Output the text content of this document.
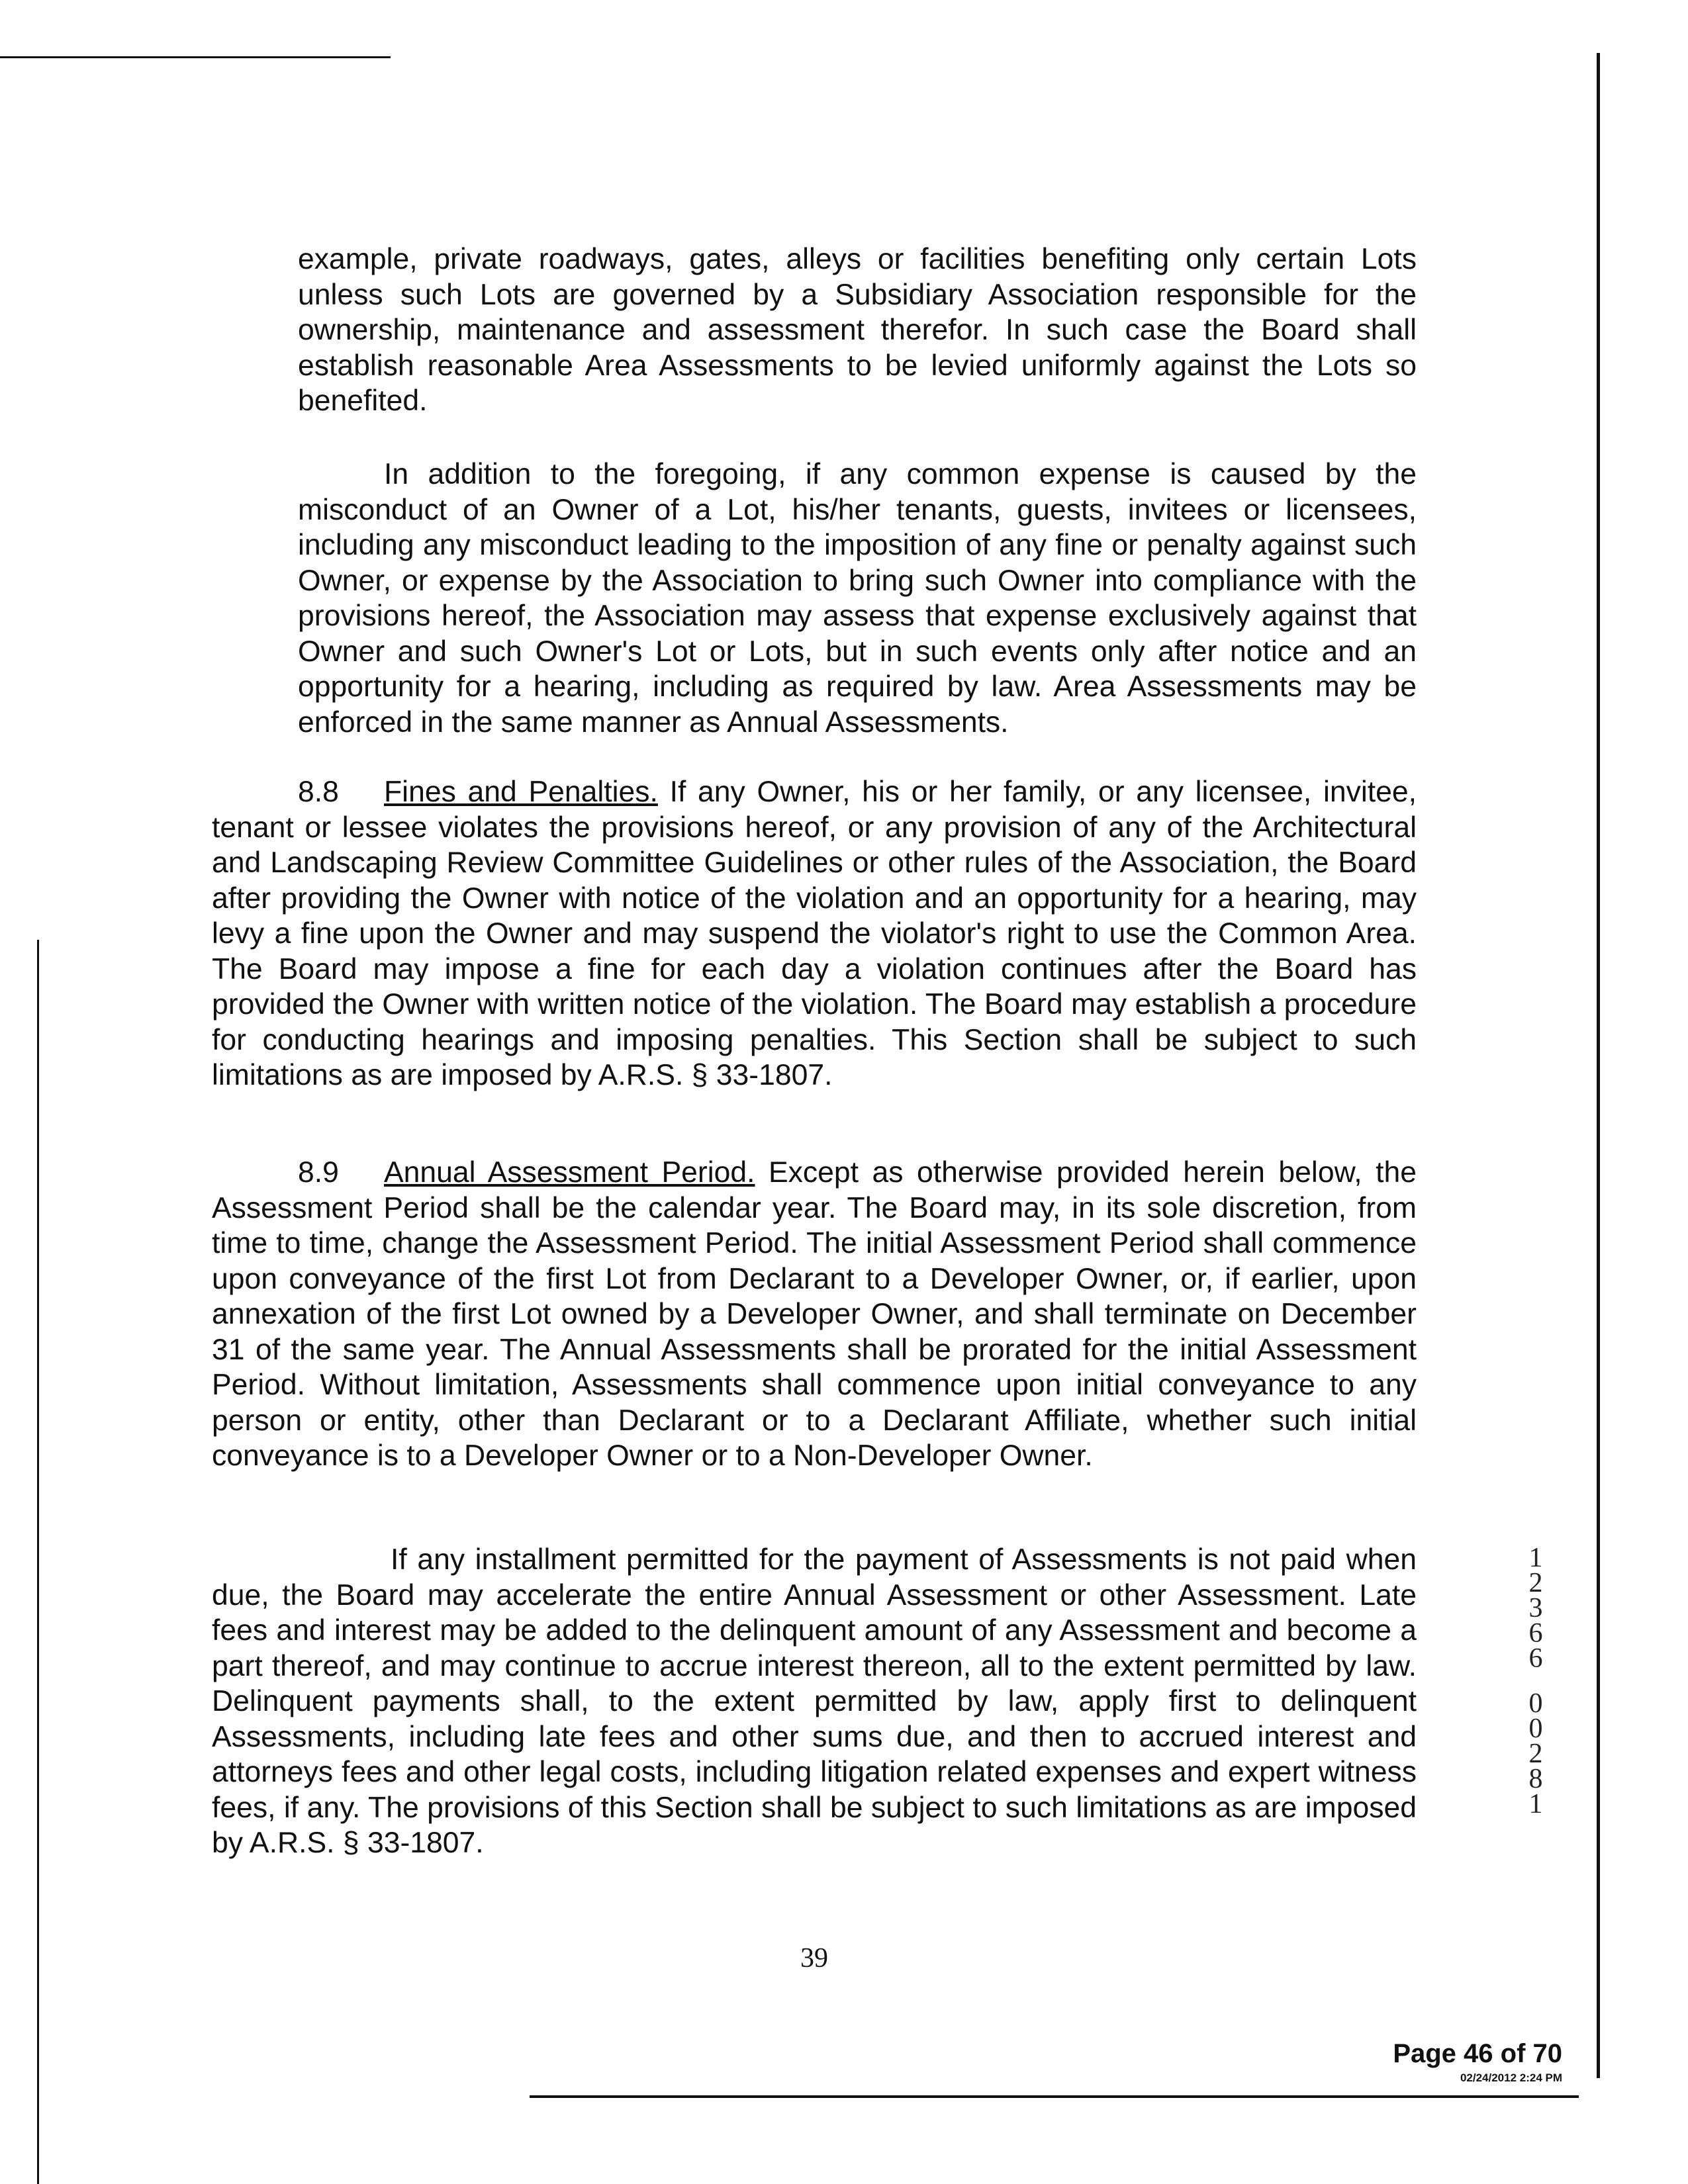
example, private roadways, gates, alleys or facilities benefiting only certain Lots unless such Lots are governed by a Subsidiary Association responsible for the ownership, maintenance and assessment therefor. In such case the Board shall establish reasonable Area Assessments to be levied uniformly against the Lots so benefited.

In addition to the foregoing, if any common expense is caused by the misconduct of an Owner of a Lot, his/her tenants, guests, invitees or licensees, including any misconduct leading to the imposition of any fine or penalty against such Owner, or expense by the Association to bring such Owner into compliance with the provisions hereof, the Association may assess that expense exclusively against that Owner and such Owner's Lot or Lots, but in such events only after notice and an opportunity for a hearing, including as required by law. Area Assessments may be enforced in the same manner as Annual Assessments.

8.8 Fines and Penalties. If any Owner, his or her family, or any licensee, invitee, tenant or lessee violates the provisions hereof, or any provision of any of the Architectural and Landscaping Review Committee Guidelines or other rules of the Association, the Board after providing the Owner with notice of the violation and an opportunity for a hearing, may levy a fine upon the Owner and may suspend the violator's right to use the Common Area. The Board may impose a fine for each day a violation continues after the Board has provided the Owner with written notice of the violation. The Board may establish a procedure for conducting hearings and imposing penalties. This Section shall be subject to such limitations as are imposed by A.R.S. § 33-1807.

8.9 Annual Assessment Period. Except as otherwise provided herein below, the Assessment Period shall be the calendar year. The Board may, in its sole discretion, from time to time, change the Assessment Period. The initial Assessment Period shall commence upon conveyance of the first Lot from Declarant to a Developer Owner, or, if earlier, upon annexation of the first Lot owned by a Developer Owner, and shall terminate on December 31 of the same year. The Annual Assessments shall be prorated for the initial Assessment Period. Without limitation, Assessments shall commence upon initial conveyance to any person or entity, other than Declarant or to a Declarant Affiliate, whether such initial conveyance is to a Developer Owner or to a Non-Developer Owner.

If any installment permitted for the payment of Assessments is not paid when due, the Board may accelerate the entire Annual Assessment or other Assessment. Late fees and interest may be added to the delinquent amount of any Assessment and become a part thereof, and may continue to accrue interest thereon, all to the extent permitted by law. Delinquent payments shall, to the extent permitted by law, apply first to delinquent Assessments, including late fees and other sums due, and then to accrued interest and attorneys fees and other legal costs, including litigation related expenses and expert witness fees, if any. The provisions of this Section shall be subject to such limitations as are imposed by A.R.S. § 33-1807.

39
Page 46 of 70
02/24/2012 2:24 PM
1
2
3
6
6
0
0
2
8
1
